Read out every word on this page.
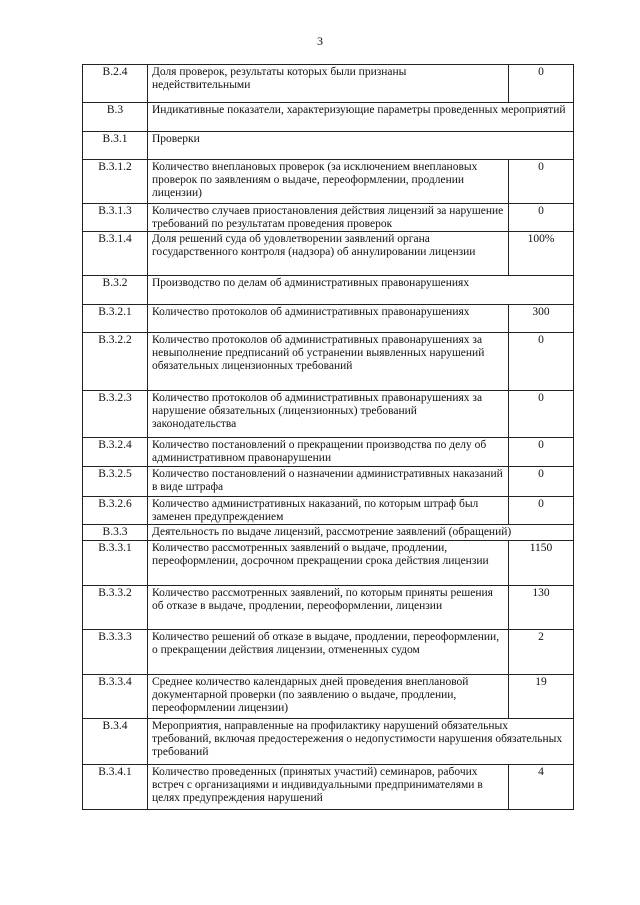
3
B.2.4	Доля проверок, результаты которых были признаны недействительными	0
B.3	Индикативные показатели, характеризующие параметры проведенных мероприятий	
B.3.1	Проверки	
B.3.1.2	Количество внеплановых проверок (за исключением внеплановых проверок по заявлениям о выдаче, переоформлении, продлении лицензии)	0
B.3.1.3	Количество случаев приостановления действия лицензий за нарушение требований по результатам проведения проверок	0
B.3.1.4	Доля решений суда об удовлетворении заявлений органа государственного контроля (надзора) об аннулировании лицензии	100%
B.3.2	Производство по делам об административных правонарушениях	
B.3.2.1	Количество протоколов об административных правонарушениях	300
B.3.2.2	Количество протоколов об административных правонарушениях за невыполнение предписаний об устранении выявленных нарушений обязательных лицензионных требований	0
B.3.2.3	Количество протоколов об административных правонарушениях за нарушение обязательных (лицензионных) требований законодательства	0
B.3.2.4	Количество постановлений о прекращении производства по делу об административном правонарушении	0
B.3.2.5	Количество постановлений о назначении административных наказаний в виде штрафа	0
B.3.2.6	Количество административных наказаний, по которым штраф был заменен предупреждением	0
B.3.3	Деятельность по выдаче лицензий, рассмотрение заявлений (обращений)	
B.3.3.1	Количество рассмотренных заявлений о выдаче, продлении, переоформлении, досрочном прекращении срока действия лицензии	1150
B.3.3.2	Количество рассмотренных заявлений, по которым приняты решения об отказе в выдаче, продлении, переоформлении, лицензии	130
B.3.3.3	Количество решений об отказе в выдаче, продлении, переоформлении, о прекращении действия лицензии, отмененных судом	2
B.3.3.4	Среднее количество календарных дней проведения внеплановой документарной проверки (по заявлению о выдаче, продлении, переоформлении лицензии)	19
B.3.4	Мероприятия, направленные на профилактику нарушений обязательных требований, включая предостережения о недопустимости нарушения обязательных требований	
B.3.4.1	Количество проведенных (принятых участий) семинаров, рабочих встреч с организациями и индивидуальными предпринимателями в целях предупреждения нарушений	4
